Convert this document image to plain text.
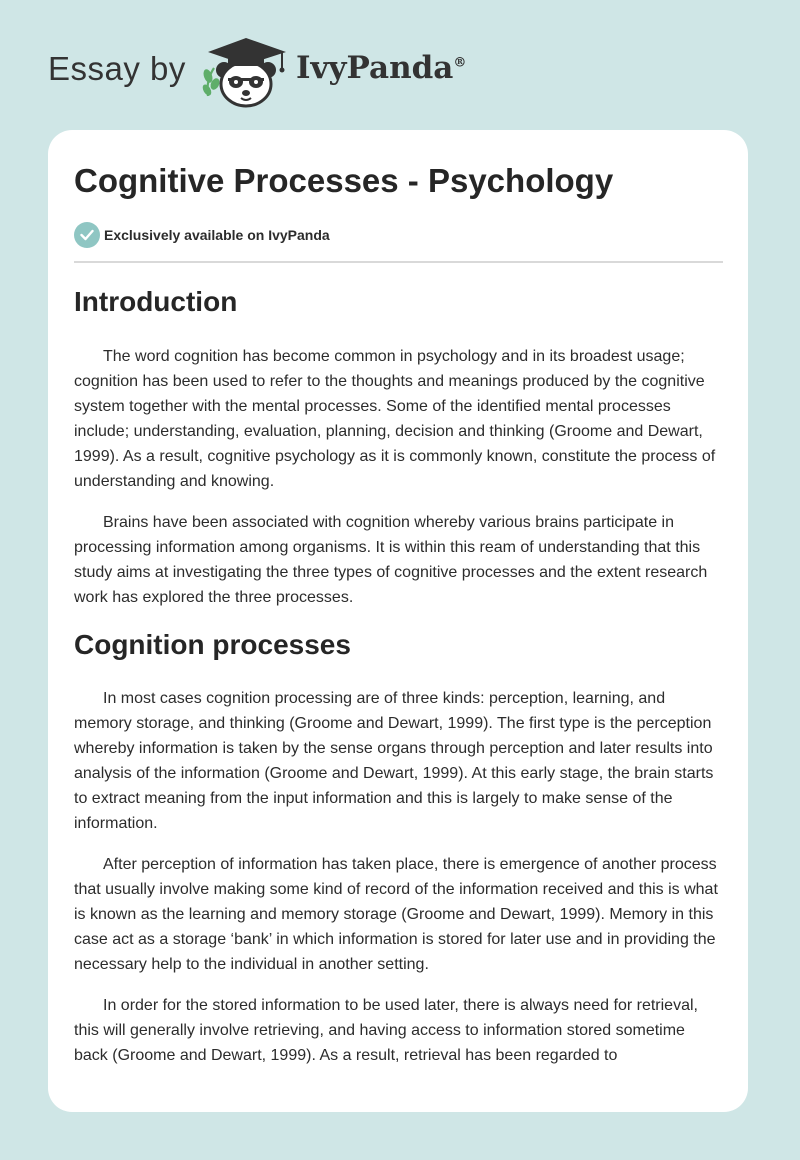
Essay by	IvyPanda®
Cognitive Processes - Psychology
Exclusively available on IvyPanda
Introduction

The word cognition has become common in psychology and in its broadest usage; cognition has been used to refer to the thoughts and meanings produced by the cognitive system together with the mental processes. Some of the identified mental processes include; understanding, evaluation, planning, decision and thinking (Groome and Dewart, 1999). As a result, cognitive psychology as it is commonly known, constitute the process of understanding and knowing.

Brains have been associated with cognition whereby various brains participate in processing information among organisms. It is within this ream of understanding that this study aims at investigating the three types of cognitive processes and the extent research work has explored the three processes.

Cognition processes

In most cases cognition processing are of three kinds: perception, learning, and memory storage, and thinking (Groome and Dewart, 1999). The first type is the perception whereby information is taken by the sense organs through perception and later results into analysis of the information (Groome and Dewart, 1999). At this early stage, the brain starts to extract meaning from the input information and this is largely to make sense of the information.

After perception of information has taken place, there is emergence of another process that usually involve making some kind of record of the information received and this is what is known as the learning and memory storage (Groome and Dewart, 1999). Memory in this case act as a storage ‘bank’ in which information is stored for later use and in providing the necessary help to the individual in another setting.

In order for the stored information to be used later, there is always need for retrieval, this will generally involve retrieving, and having access to information stored sometime back (Groome and Dewart, 1999). As a result, retrieval has been regarded to
